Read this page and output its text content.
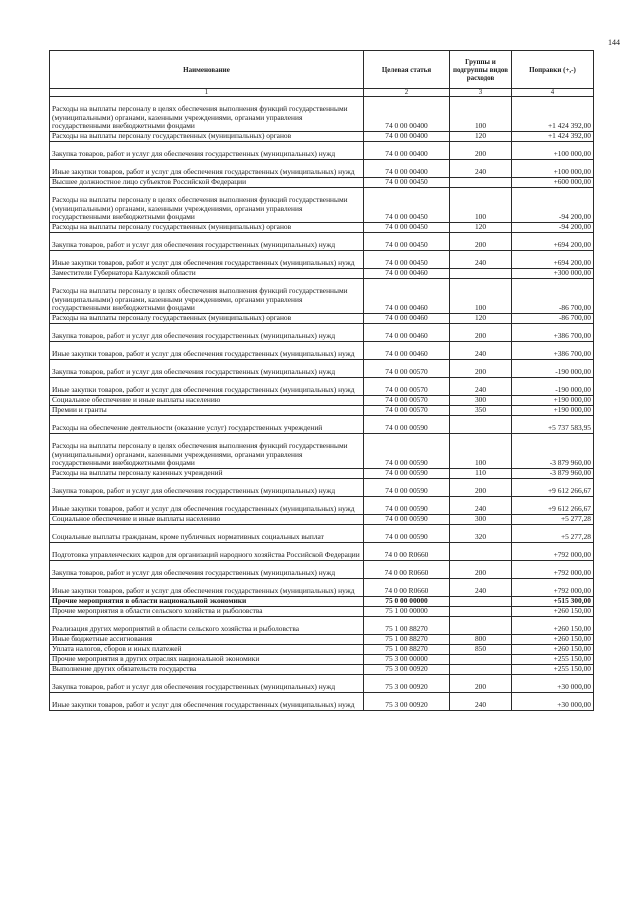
144
Наименование	Целевая статья	Группы и подгруппы видов расходов	Поправки (+,-)
1	2	3	4
Расходы на выплаты персоналу в целях обеспечения выполнения функций государственными (муниципальными) органами, казенными учреждениями, органами управления государственными внебюджетными фондами	74 0 00 00400	100	+1 424 392,00
Расходы на выплаты персоналу государственных (муниципальных) органов	74 0 00 00400	120	+1 424 392,00
Закупка товаров, работ и услуг для обеспечения государственных (муниципальных) нужд	74 0 00 00400	200	+100 000,00
Иные закупки товаров, работ и услуг для обеспечения государственных (муниципальных) нужд	74 0 00 00400	240	+100 000,00
Высшее должностное лицо субъектов Российской Федерации	74 0 00 00450		+600 000,00
Расходы на выплаты персоналу в целях обеспечения выполнения функций государственными (муниципальными) органами, казенными учреждениями, органами управления государственными внебюджетными фондами	74 0 00 00450	100	-94 200,00
Расходы на выплаты персоналу государственных (муниципальных) органов	74 0 00 00450	120	-94 200,00
Закупка товаров, работ и услуг для обеспечения государственных (муниципальных) нужд	74 0 00 00450	200	+694 200,00
Иные закупки товаров, работ и услуг для обеспечения государственных (муниципальных) нужд	74 0 00 00450	240	+694 200,00
Заместители Губернатора Калужской области	74 0 00 00460		+300 000,00
Расходы на выплаты персоналу в целях обеспечения выполнения функций государственными (муниципальными) органами, казенными учреждениями, органами управления государственными внебюджетными фондами	74 0 00 00460	100	-86 700,00
Расходы на выплаты персоналу государственных (муниципальных) органов	74 0 00 00460	120	-86 700,00
Закупка товаров, работ и услуг для обеспечения государственных (муниципальных) нужд	74 0 00 00460	200	+386 700,00
Иные закупки товаров, работ и услуг для обеспечения государственных (муниципальных) нужд	74 0 00 00460	240	+386 700,00
Закупка товаров, работ и услуг для обеспечения государственных (муниципальных) нужд	74 0 00 00570	200	-190 000,00
Иные закупки товаров, работ и услуг для обеспечения государственных (муниципальных) нужд	74 0 00 00570	240	-190 000,00
Социальное обеспечение и иные выплаты населению	74 0 00 00570	300	+190 000,00
Премии и гранты	74 0 00 00570	350	+190 000,00
Расходы на обеспечение деятельности (оказание услуг) государственных учреждений	74 0 00 00590		+5 737 583,95
Расходы на выплаты персоналу в целях обеспечения выполнения функций государственными (муниципальными) органами, казенными учреждениями, органами управления государственными внебюджетными фондами	74 0 00 00590	100	-3 879 960,00
Расходы на выплаты персоналу казенных учреждений	74 0 00 00590	110	-3 879 960,00
Закупка товаров, работ и услуг для обеспечения государственных (муниципальных) нужд	74 0 00 00590	200	+9 612 266,67
Иные закупки товаров, работ и услуг для обеспечения государственных (муниципальных) нужд	74 0 00 00590	240	+9 612 266,67
Социальное обеспечение и иные выплаты населению	74 0 00 00590	300	+5 277,28
Социальные выплаты гражданам, кроме публичных нормативных социальных выплат	74 0 00 00590	320	+5 277,28
Подготовка управленческих кадров для организаций народного хозяйства Российской Федерации	74 0 00 R0660		+792 000,00
Закупка товаров, работ и услуг для обеспечения государственных (муниципальных) нужд	74 0 00 R0660	200	+792 000,00
Иные закупки товаров, работ и услуг для обеспечения государственных (муниципальных) нужд	74 0 00 R0660	240	+792 000,00
Прочие мероприятия в области национальной экономики	75 0 00 00000		+515 300,00
Прочие мероприятия в области сельского хозяйства и рыболовства	75 1 00 00000		+260 150,00
Реализация других мероприятий в области сельского хозяйства и рыболовства	75 1 00 88270		+260 150,00
Иные бюджетные ассигнования	75 1 00 88270	800	+260 150,00
Уплата налогов, сборов и иных платежей	75 1 00 88270	850	+260 150,00
Прочие мероприятия в других отраслях национальной экономики	75 3 00 00000		+255 150,00
Выполнение других обязательств государства	75 3 00 00920		+255 150,00
Закупка товаров, работ и услуг для обеспечения государственных (муниципальных) нужд	75 3 00 00920	200	+30 000,00
Иные закупки товаров, работ и услуг для обеспечения государственных (муниципальных) нужд	75 3 00 00920	240	+30 000,00
